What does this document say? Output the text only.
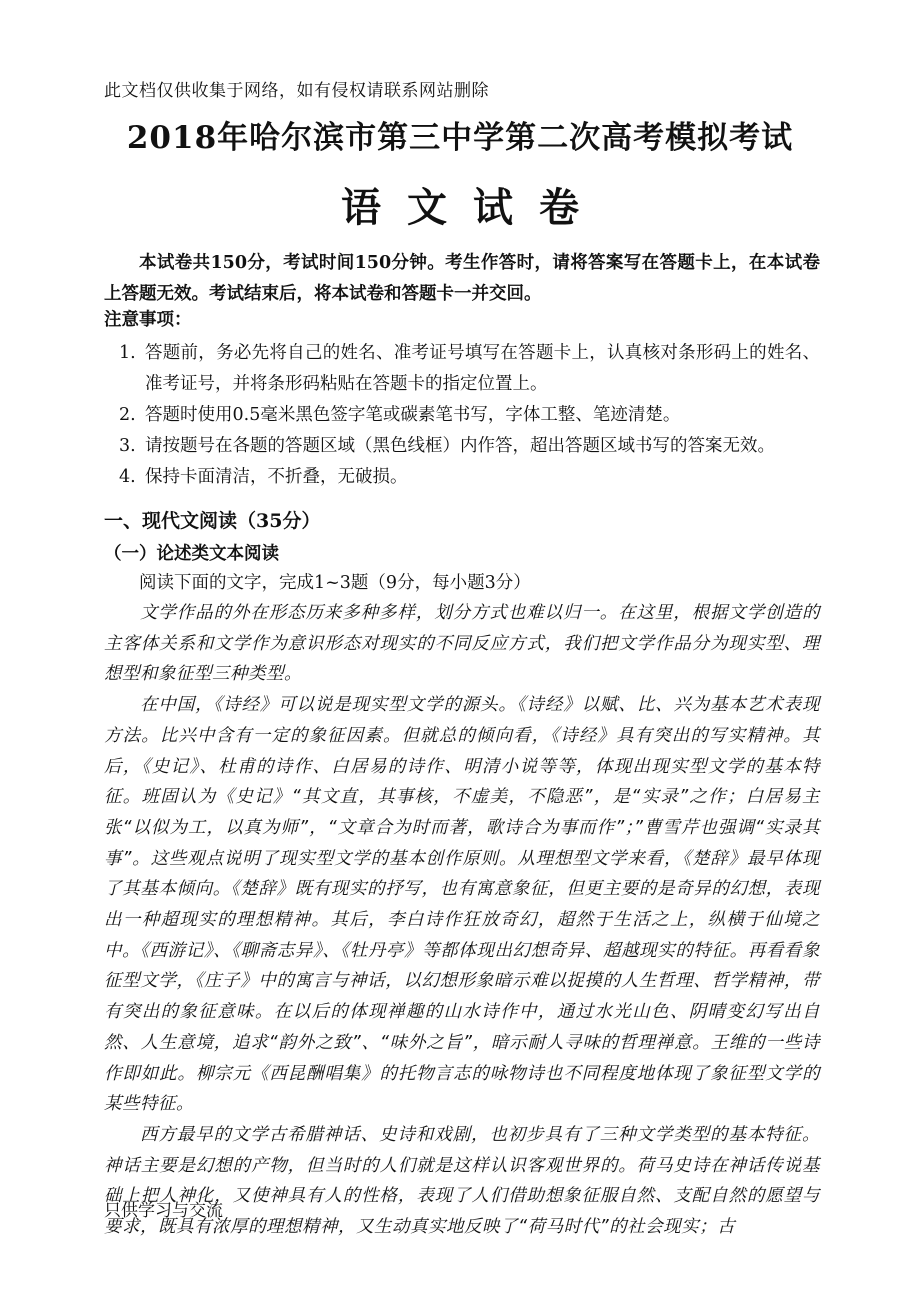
此文档仅供收集于网络，如有侵权请联系网站删除
2018年哈尔滨市第三中学第二次高考模拟考试
语文试卷
本试卷共150分，考试时间150分钟。考生作答时，请将答案写在答题卡上，在本试卷上答题无效。考试结束后，将本试卷和答题卡一并交回。
注意事项：
1. 答题前，务必先将自己的姓名、准考证号填写在答题卡上，认真核对条形码上的姓名、准考证号，并将条形码粘贴在答题卡的指定位置上。
2. 答题时使用0.5毫米黑色签字笔或碳素笔书写，字体工整、笔迹清楚。
3. 请按题号在各题的答题区域（黑色线框）内作答，超出答题区域书写的答案无效。
4. 保持卡面清洁，不折叠，无破损。
一、现代文阅读（35分）
（一）论述类文本阅读
阅读下面的文字，完成1~3题（9分，每小题3分）

文学作品的外在形态历来多种多样，划分方式也难以归一。在这里，根据文学创造的主客体关系和文学作为意识形态对现实的不同反应方式，我们把文学作品分为现实型、理想型和象征型三种类型。

在中国，《诗经》可以说是现实型文学的源头。《诗经》以赋、比、兴为基本艺术表现方法。比兴中含有一定的象征因素。但就总的倾向看，《诗经》具有突出的写实精神。其后，《史记》、杜甫的诗作、白居易的诗作、明清小说等等，体现出现实型文学的基本特征。班固认为《史记》“其文直，其事核，不虚美，不隐恶”，是“实录”之作；白居易主张“以似为工，以真为师”，“文章合为时而著，歌诗合为事而作”；”曹雪芹也强调“实录其事”。这些观点说明了现实型文学的基本创作原则。从理想型文学来看，《楚辞》最早体现了其基本倾向。《楚辞》既有现实的抒写，也有寓意象征，但更主要的是奇异的幻想，表现出一种超现实的理想精神。其后，李白诗作狂放奇幻，超然于生活之上，纵横于仙境之中。《西游记》、《聊斋志异》、《牡丹亭》等都体现出幻想奇异、超越现实的特征。再看看象征型文学，《庄子》中的寓言与神话，以幻想形象暗示难以捉摸的人生哲理、哲学精神，带有突出的象征意味。在以后的体现禅趣的山水诗作中，通过水光山色、阴晴变幻写出自然、人生意境，追求“韵外之致”、“味外之旨”，暗示耐人寻味的哲理禅意。王维的一些诗作即如此。柳宗元《西昆酬唱集》的托物言志的咏物诗也不同程度地体现了象征型文学的某些特征。

西方最早的文学古希腊神话、史诗和戏剧，也初步具有了三种文学类型的基本特征。神话主要是幻想的产物，但当时的人们就是这样认识客观世界的。荷马史诗在神话传说基础上把人神化，又使神具有人的性格，表现了人们借助想象征服自然、支配自然的愿望与要求，既具有浓厚的理想精神，又生动真实地反映了“荷马时代”的社会现实；古

只供学习与交流
